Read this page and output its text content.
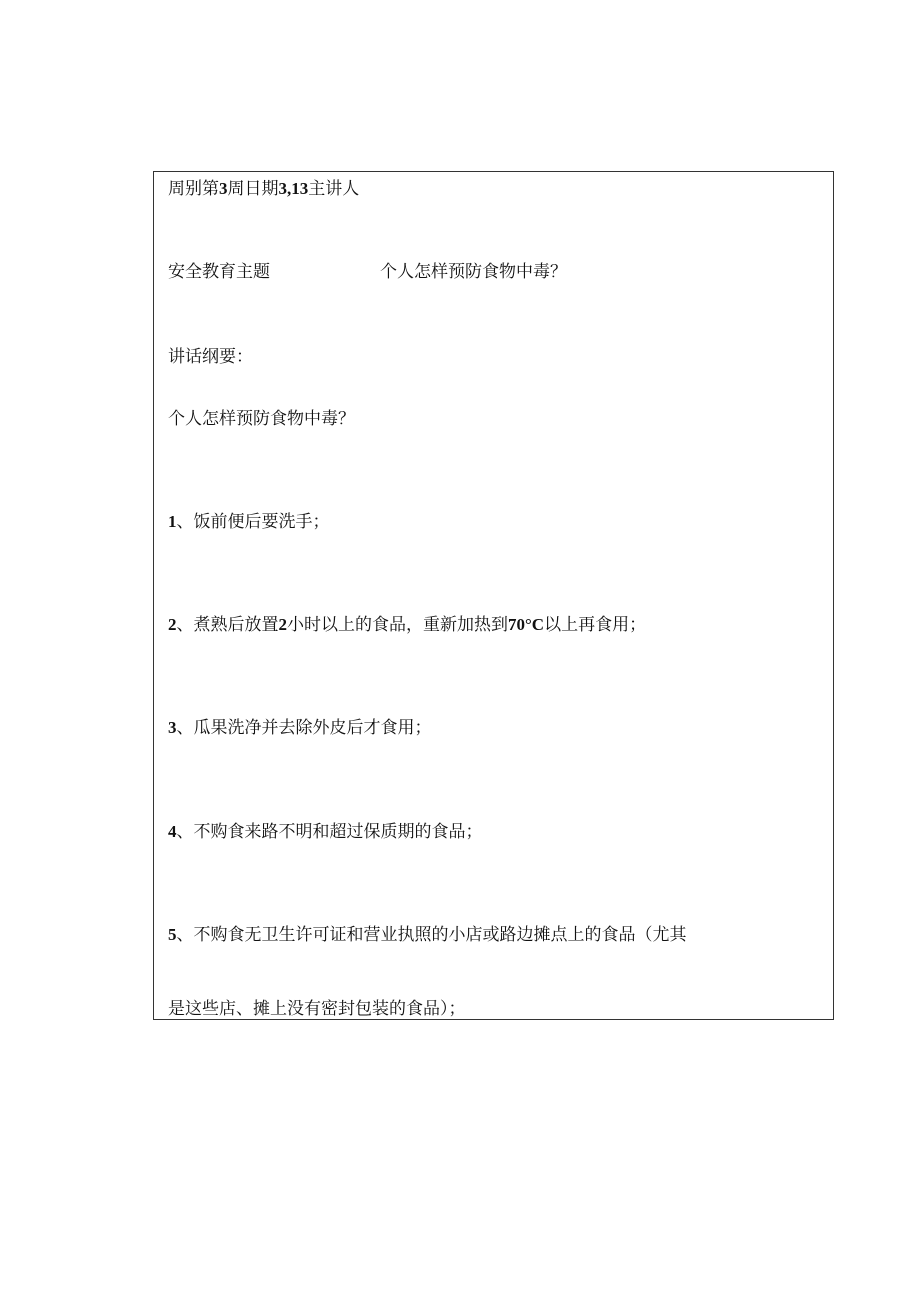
周别第3周日期3,13主讲人
安全教育主题	个人怎样预防食物中毒？
讲话纲要：
个人怎样预防食物中毒？
1、饭前便后要洗手；
2、煮熟后放置2小时以上的食品，重新加热到70°C以上再食用；
3、瓜果洗净并去除外皮后才食用；
4、不购食来路不明和超过保质期的食品；
5、不购食无卫生许可证和营业执照的小店或路边摊点上的食品（尤其
是这些店、摊上没有密封包装的食品）；
